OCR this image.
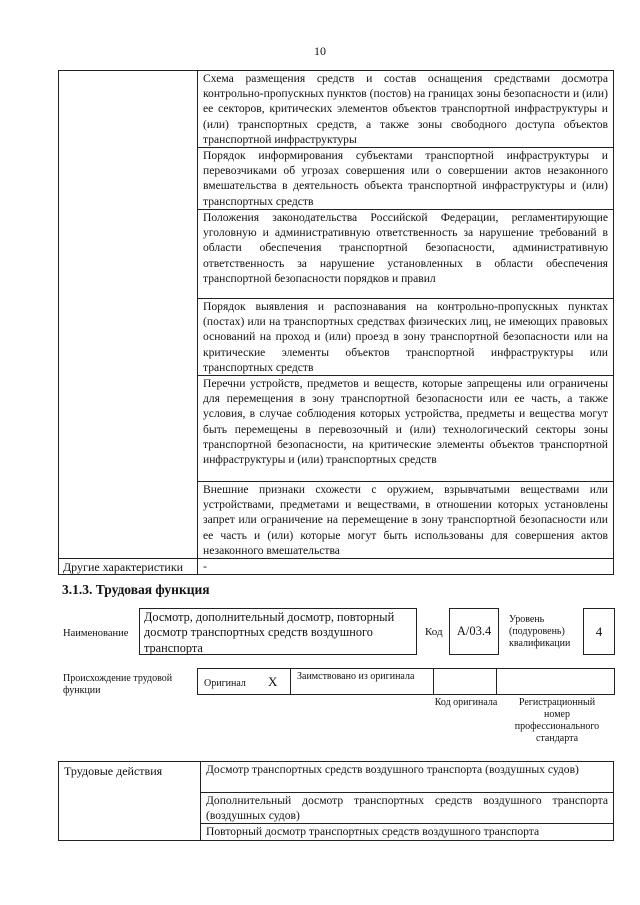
10
	Схема размещения средств и состав оснащения средствами досмотра контрольно-пропускных пунктов (постов) на границах зоны безопасности и (или) ее секторов, критических элементов объектов транспортной инфраструктуры и (или) транспортных средств, а также зоны свободного доступа объектов транспортной инфраструктуры
	Порядок информирования субъектами транспортной инфраструктуры и перевозчиками об угрозах совершения или о совершении актов незаконного вмешательства в деятельность объекта транспортной инфраструктуры и (или) транспортных средств
	Положения законодательства Российской Федерации, регламентирующие уголовную и административную ответственность за нарушение требований в области обеспечения транспортной безопасности, административную ответственность за нарушение установленных в области обеспечения транспортной безопасности порядков и правил
	Порядок выявления и распознавания на контрольно-пропускных пунктах (постах) или на транспортных средствах физических лиц, не имеющих правовых оснований на проход и (или) проезд в зону транспортной безопасности или на критические элементы объектов транспортной инфраструктуры или транспортных средств
	Перечни устройств, предметов и веществ, которые запрещены или ограничены для перемещения в зону транспортной безопасности или ее часть, а также условия, в случае соблюдения которых устройства, предметы и вещества могут быть перемещены в перевозочный и (или) технологический секторы зоны транспортной безопасности, на критические элементы объектов транспортной инфраструктуры и (или) транспортных средств
	Внешние признаки схожести с оружием, взрывчатыми веществами или устройствами, предметами и веществами, в отношении которых установлены запрет или ограничение на перемещение в зону транспортной безопасности или ее часть и (или) которые могут быть использованы для совершения актов незаконного вмешательства
Другие характеристики	-
3.1.3. Трудовая функция
Наименование
Досмотр, дополнительный досмотр, повторный досмотр транспортных средств воздушного транспорта
Код	А/03.4
Уровень (подуровень) квалификации
4
Происхождение трудовой функции
Оригинал X	Заимствовано из оригинала
Код оригинала	Регистрационный номер профессионального стандарта
Трудовые действия	Досмотр транспортных средств воздушного транспорта (воздушных судов)
Дополнительный досмотр транспортных средств воздушного транспорта (воздушных судов)
Повторный досмотр транспортных средств воздушного транспорта
